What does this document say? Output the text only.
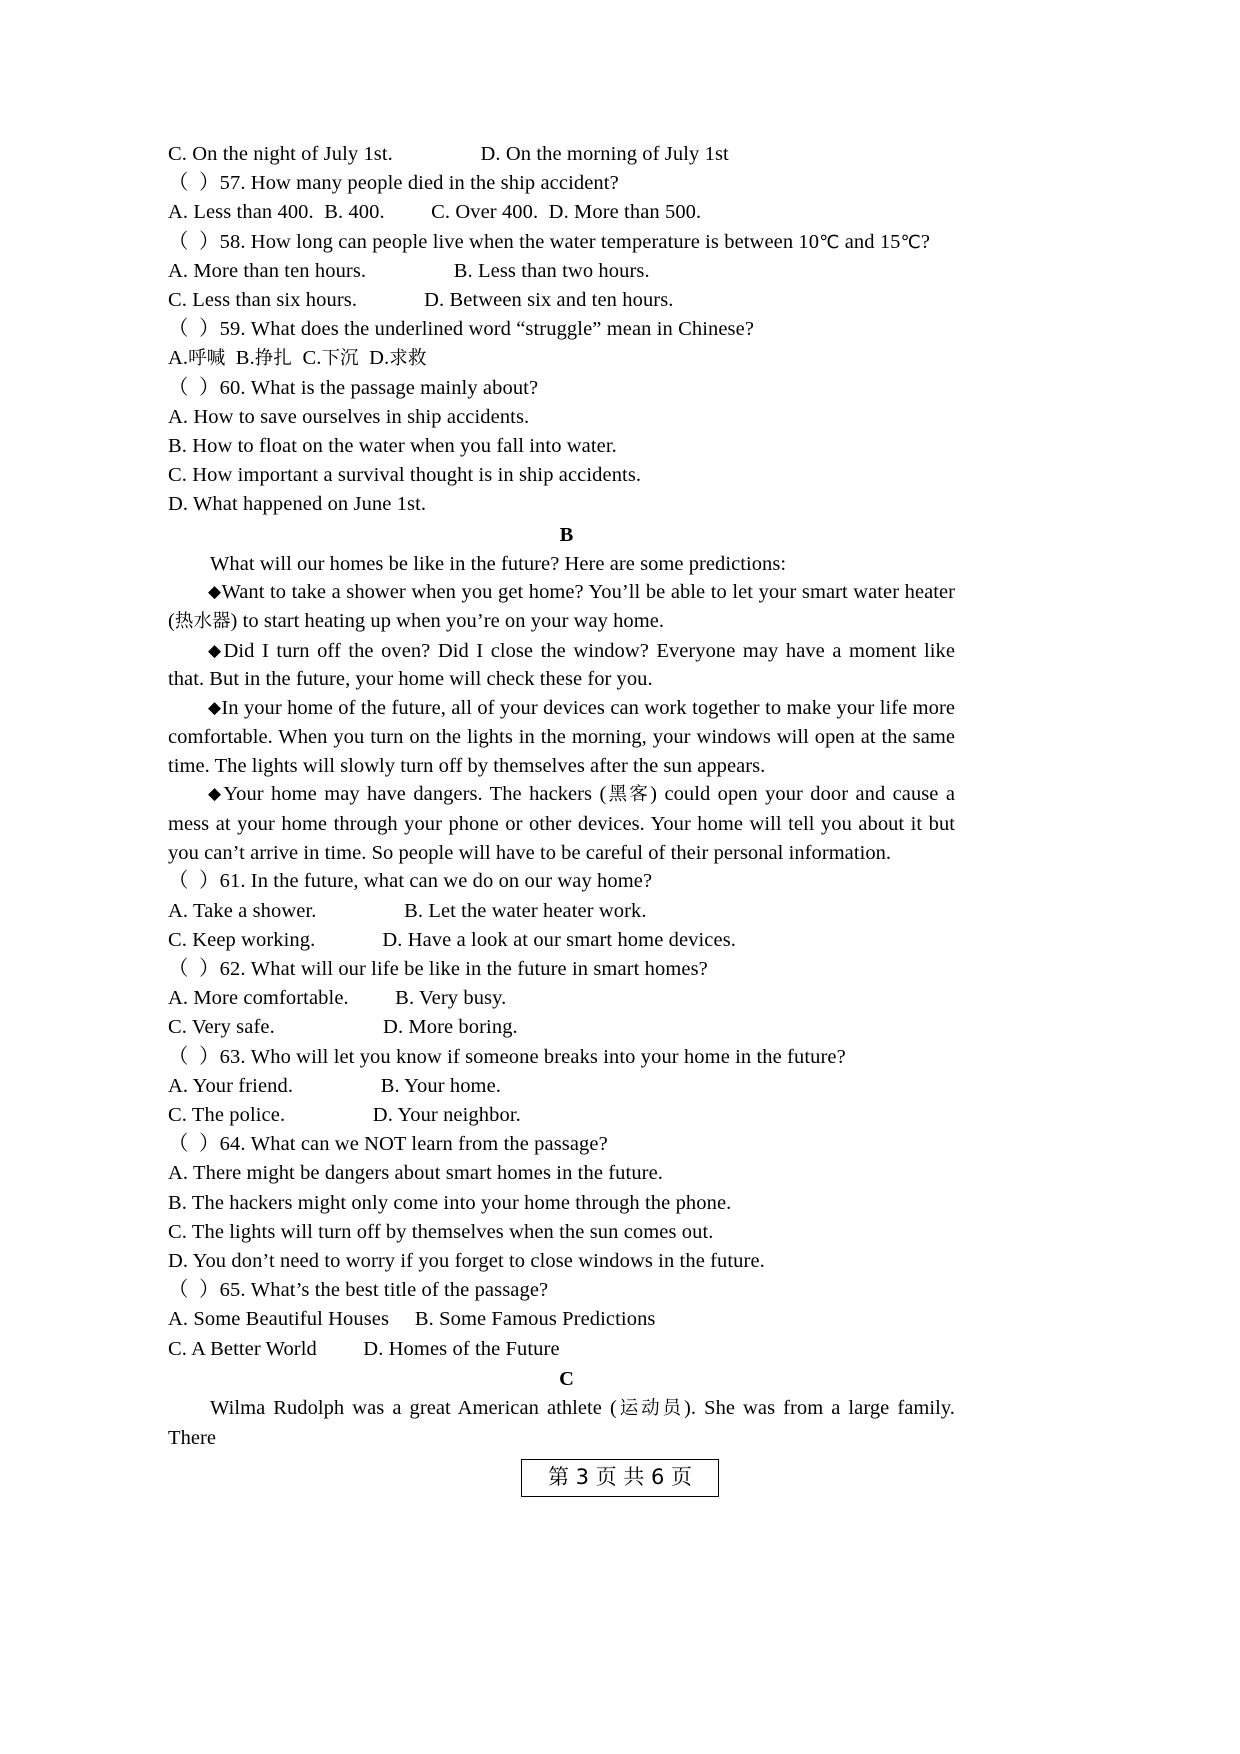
C. On the night of July 1st.　　　　 D. On the morning of July 1st
（  ）57. How many people died in the ship accident?
A. Less than 400.  B. 400.　　 C. Over 400.  D. More than 500.
（  ）58. How long can people live when the water temperature is between 10℃ and 15℃?
A. More than ten hours.　　　　 B. Less than two hours.
C. Less than six hours.　　　 D. Between six and ten hours.
（  ）59. What does the underlined word “struggle” mean in Chinese?
A.呼喊 B.挣扎 C.下沉 D.求救
（  ）60. What is the passage mainly about?
A. How to save ourselves in ship accidents.
B. How to float on the water when you fall into water.
C. How important a survival thought is in ship accidents.
D. What happened on June 1st.
B

What will our homes be like in the future? Here are some predictions:

◆Want to take a shower when you get home? You’ll be able to let your smart water heater (热水器) to start heating up when you’re on your way home.

◆Did I turn off the oven? Did I close the window? Everyone may have a moment like that. But in the future, your home will check these for you.

◆In your home of the future, all of your devices can work together to make your life more comfortable. When you turn on the lights in the morning, your windows will open at the same time. The lights will slowly turn off by themselves after the sun appears.

◆Your home may have dangers. The hackers (黑客) could open your door and cause a mess at your home through your phone or other devices. Your home will tell you about it but you can’t arrive in time. So people will have to be careful of their personal information.

（  ）61. In the future, what can we do on our way home?
A. Take a shower.　　　　 B. Let the water heater work.
C. Keep working.　　　 D. Have a look at our smart home devices.
（  ）62. What will our life be like in the future in smart homes?
A. More comfortable.　　 B. Very busy.
C. Very safe.　　　　　 D. More boring.
（  ）63. Who will let you know if someone breaks into your home in the future?
A. Your friend.　　　　 B. Your home.
C. The police.　　　　 D. Your neighbor.
（  ）64. What can we NOT learn from the passage?
A. There might be dangers about smart homes in the future.
B. The hackers might only come into your home through the phone.
C. The lights will turn off by themselves when the sun comes out.
D. You don’t need to worry if you forget to close windows in the future.
（  ）65. What’s the best title of the passage?
A. Some Beautiful Houses　 B. Some Famous Predictions
C. A Better World　　 D. Homes of the Future
C

Wilma Rudolph was a great American athlete (运动员). She was from a large family. There

第 3 页 共 6 页
